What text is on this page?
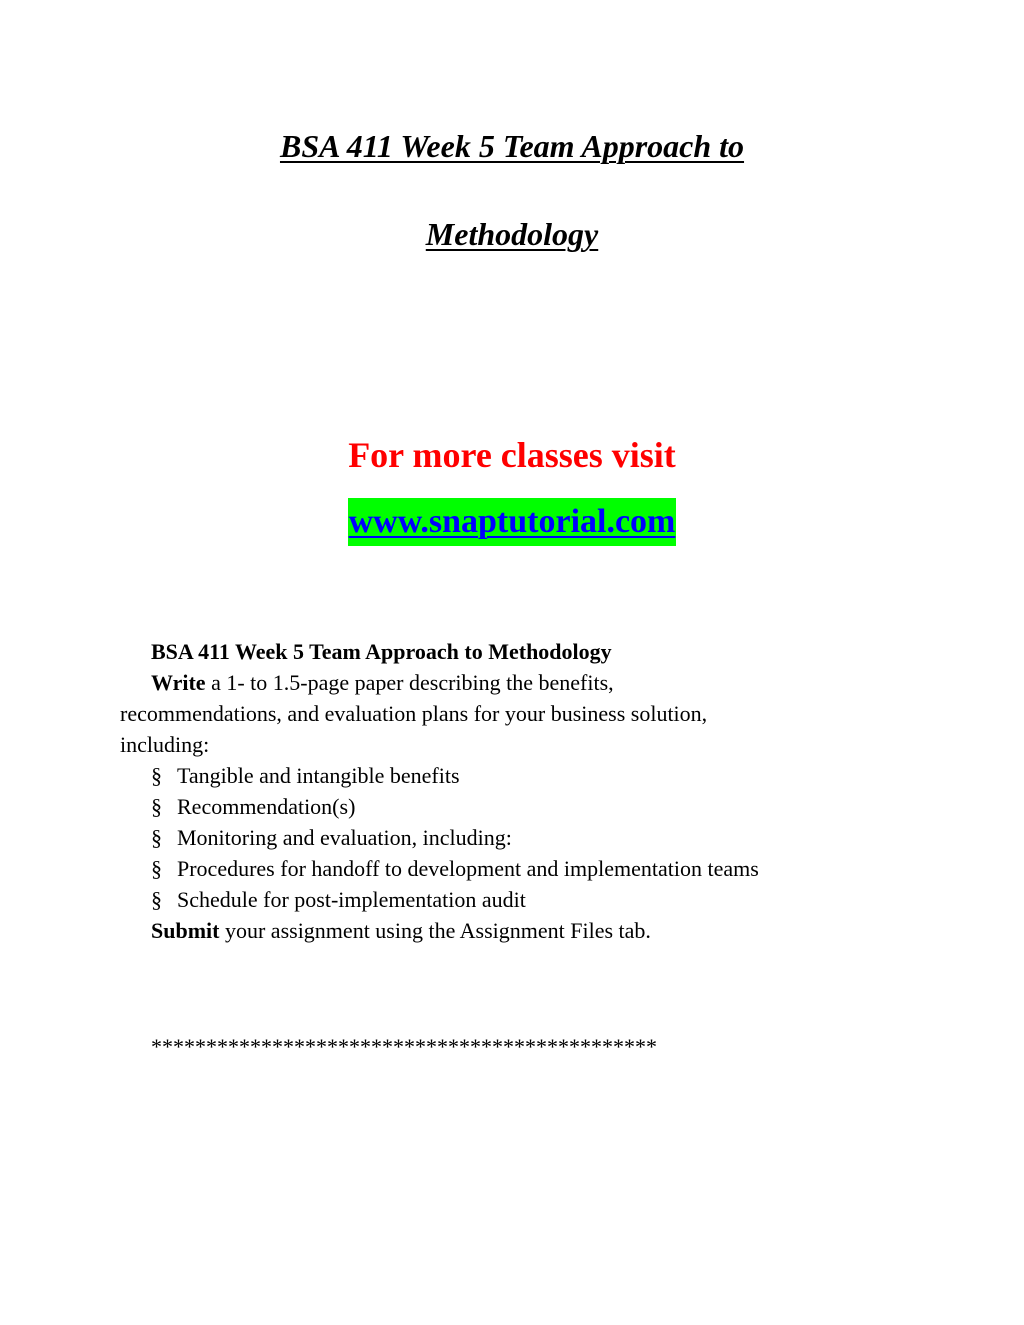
BSA 411 Week 5 Team Approach to
Methodology
For more classes visit
www.snaptutorial.com
BSA 411 Week 5 Team Approach to Methodology
Write a 1- to 1.5-page paper describing the benefits,
recommendations, and evaluation plans for your business solution,
including:
§ Tangible and intangible benefits
§ Recommendation(s)
§ Monitoring and evaluation, including:
§ Procedures for handoff to development and implementation teams
§ Schedule for post-implementation audit
Submit your assignment using the Assignment Files tab.
**********************************************
